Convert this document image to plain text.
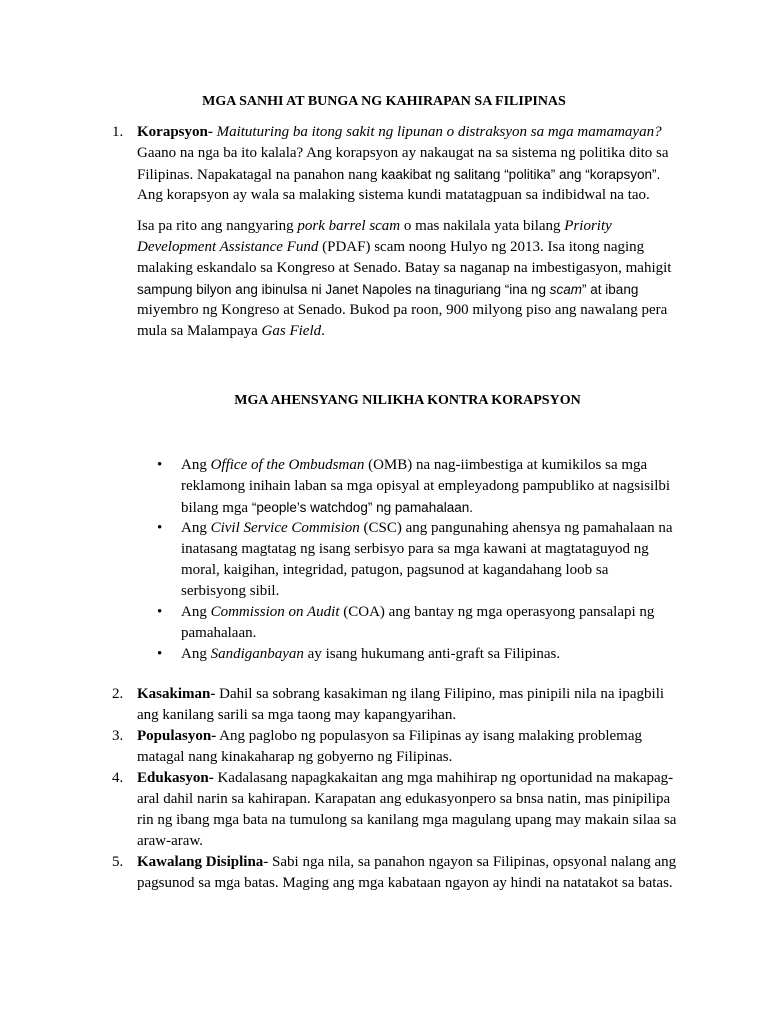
MGA SANHI AT BUNGA NG KAHIRAPAN SA FILIPINAS
1. Korapsyon- Maituturing ba itong sakit ng lipunan o distraksyon sa mga mamamayan?
Gaano na nga ba ito kalala? Ang korapsyon ay nakaugat na sa sistema ng politika dito sa
Filipinas. Napakatagal na panahon nang kaakibat ng salitang “politika” ang “korapsyon”.
Ang korapsyon ay wala sa malaking sistema kundi matatagpuan sa indibidwal na tao.
Isa pa rito ang nangyaring pork barrel scam o mas nakilala yata bilang Priority
Development Assistance Fund (PDAF) scam noong Hulyo ng 2013. Isa itong naging
malaking eskandalo sa Kongreso at Senado. Batay sa naganap na imbestigasyon, mahigit
sampung bilyon ang ibinulsa ni Janet Napoles na tinaguriang “ina ng scam” at ibang
miyembro ng Kongreso at Senado. Bukod pa roon, 900 milyong piso ang nawalang pera
mula sa Malampaya Gas Field.
MGA AHENSYANG NILIKHA KONTRA KORAPSYON
• Ang Office of the Ombudsman (OMB) na nag-iimbestiga at kumikilos sa mga
reklamong inihain laban sa mga opisyal at empleyadong pampubliko at nagsisilbi
bilang mga “people’s watchdog” ng pamahalaan.
• Ang Civil Service Commision (CSC) ang pangunahing ahensya ng pamahalaan na
inatasang magtatag ng isang serbisyo para sa mga kawani at magtataguyod ng
moral, kaigihan, integridad, patugon, pagsunod at kagandahang loob sa
serbisyong sibil.
• Ang Commission on Audit (COA) ang bantay ng mga operasyong pansalapi ng
pamahalaan.
• Ang Sandiganbayan ay isang hukumang anti-graft sa Filipinas.
2. Kasakiman- Dahil sa sobrang kasakiman ng ilang Filipino, mas pinipili nila na ipagbili
ang kanilang sarili sa mga taong may kapangyarihan.
3. Populasyon- Ang paglobo ng populasyon sa Filipinas ay isang malaking problemag
matagal nang kinakaharap ng gobyerno ng Filipinas.
4. Edukasyon- Kadalasang napagkakaitan ang mga mahihirap ng oportunidad na makapag-
aral dahil narin sa kahirapan. Karapatan ang edukasyonpero sa bnsa natin, mas pinipilipa
rin ng ibang mga bata na tumulong sa kanilang mga magulang upang may makain silaa sa
araw-araw.
5. Kawalang Disiplina- Sabi nga nila, sa panahon ngayon sa Filipinas, opsyonal nalang ang
pagsunod sa mga batas. Maging ang mga kabataan ngayon ay hindi na natatakot sa batas.
